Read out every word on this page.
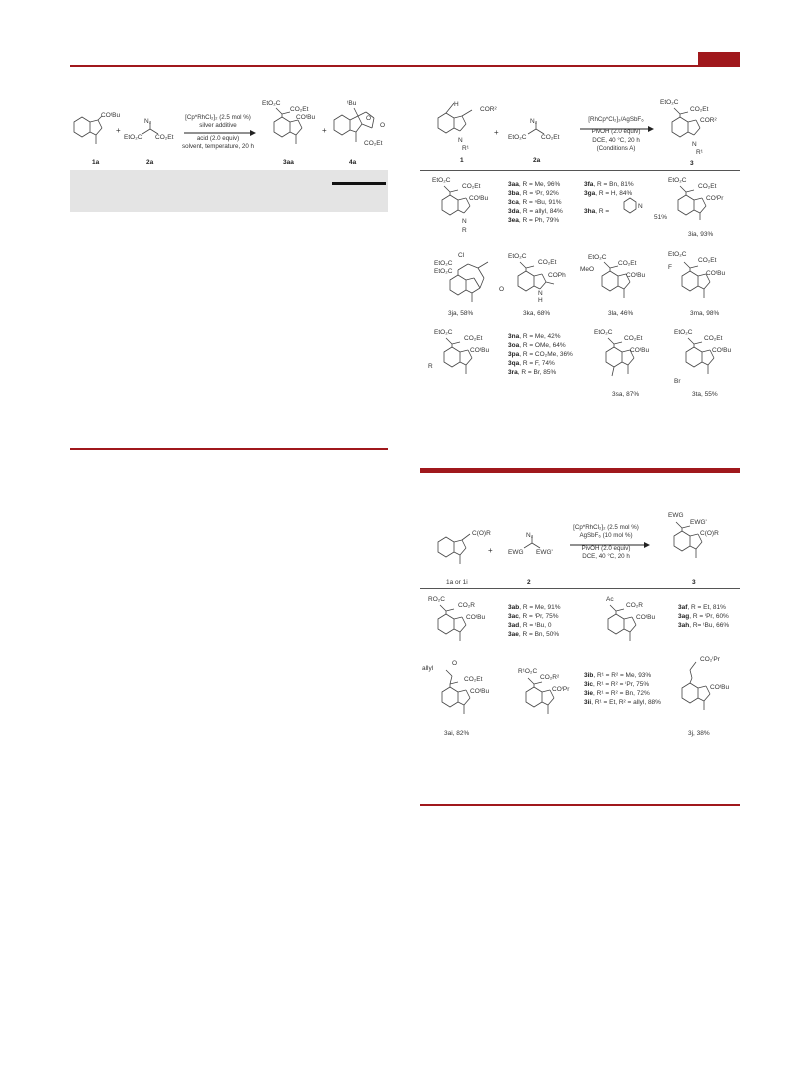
COᵗBu
1a
+
N₂
EtO₂C CO₂Et
2a
[Cp*RhCl₂]₂ (2.5 mol %)
silver additive
acid (2.0 equiv)
solvent, temperature, 20 h
EtO₂C
CO₂Et
COᵗBu
3aa
+
ᵗBu
O
O
CO₂Et
4a
H
COR²
N
R¹
1
+
N₂
EtO₂C CO₂Et
2a
[RhCp*Cl₂]₂/AgSbF₆
PivOH (2.0 equiv)
DCE, 40 °C, 20 h
(Conditions A)
EtO₂C
CO₂Et
COR²
N
R¹
3
EtO₂C
CO₂Et
COᵗBu
N
R
3aa, R = Me, 96%
3ba, R = ⁱPr, 92%
3ca, R = ⁿBu, 91%
3da, R = allyl, 84%
3ea, R = Ph, 79%
3fa, R = Bn, 81%
3ga, R = H, 84%
3ha, R =
N
51%
EtO₂C
CO₂Et
COⁱPr
3ia, 93%
EtO₂C
EtO₂C
Cl
O
3ja, 58%
EtO₂C
CO₂Et
COPh
N
H
3ka, 68%
EtO₂C
CO₂Et
MeO
COᵗBu
3la, 46%
EtO₂C
CO₂Et
F
COᵗBu
3ma, 98%
EtO₂C
CO₂Et
COᵗBu
R
3na, R = Me, 42%
3oa, R = OMe, 64%
3pa, R = CO₂Me, 36%
3qa, R = F, 74%
3ra, R = Br, 85%
EtO₂C
CO₂Et
COᵗBu
3sa, 87%
EtO₂C
CO₂Et
COᵗBu
Br
3ta, 55%
C(O)R
1a or 1i
+
N₂
EWG EWG'
2
[Cp*RhCl₂]₂ (2.5 mol %)
AgSbF₆ (10 mol %)
PivOH (2.0 equiv)
DCE, 40 °C, 20 h
EWG
EWG'
C(O)R
3
RO₂C
CO₂R
COᵗBu
3ab, R = Me, 91%
3ac, R = ⁱPr, 75%
3ad, R = ᵗBu, 0
3ae, R = Bn, 50%
Ac
CO₂R
COᵗBu
3af, R = Et, 81%
3ag, R = ⁱPr, 60%
3ah, R= ᵗBu, 66%
allyl
O
CO₂Et
COᵗBu
3ai, 82%
R¹O₂C
CO₂R²
COⁱPr
3ib, R¹ = R² = Me, 93%
3ic, R¹ = R² = ⁱPr, 75%
3ie, R¹ = R² = Bn, 72%
3ii, R¹ = Et, R² = allyl, 88%
CO₂ⁱPr
COᵗBu
3j, 38%
